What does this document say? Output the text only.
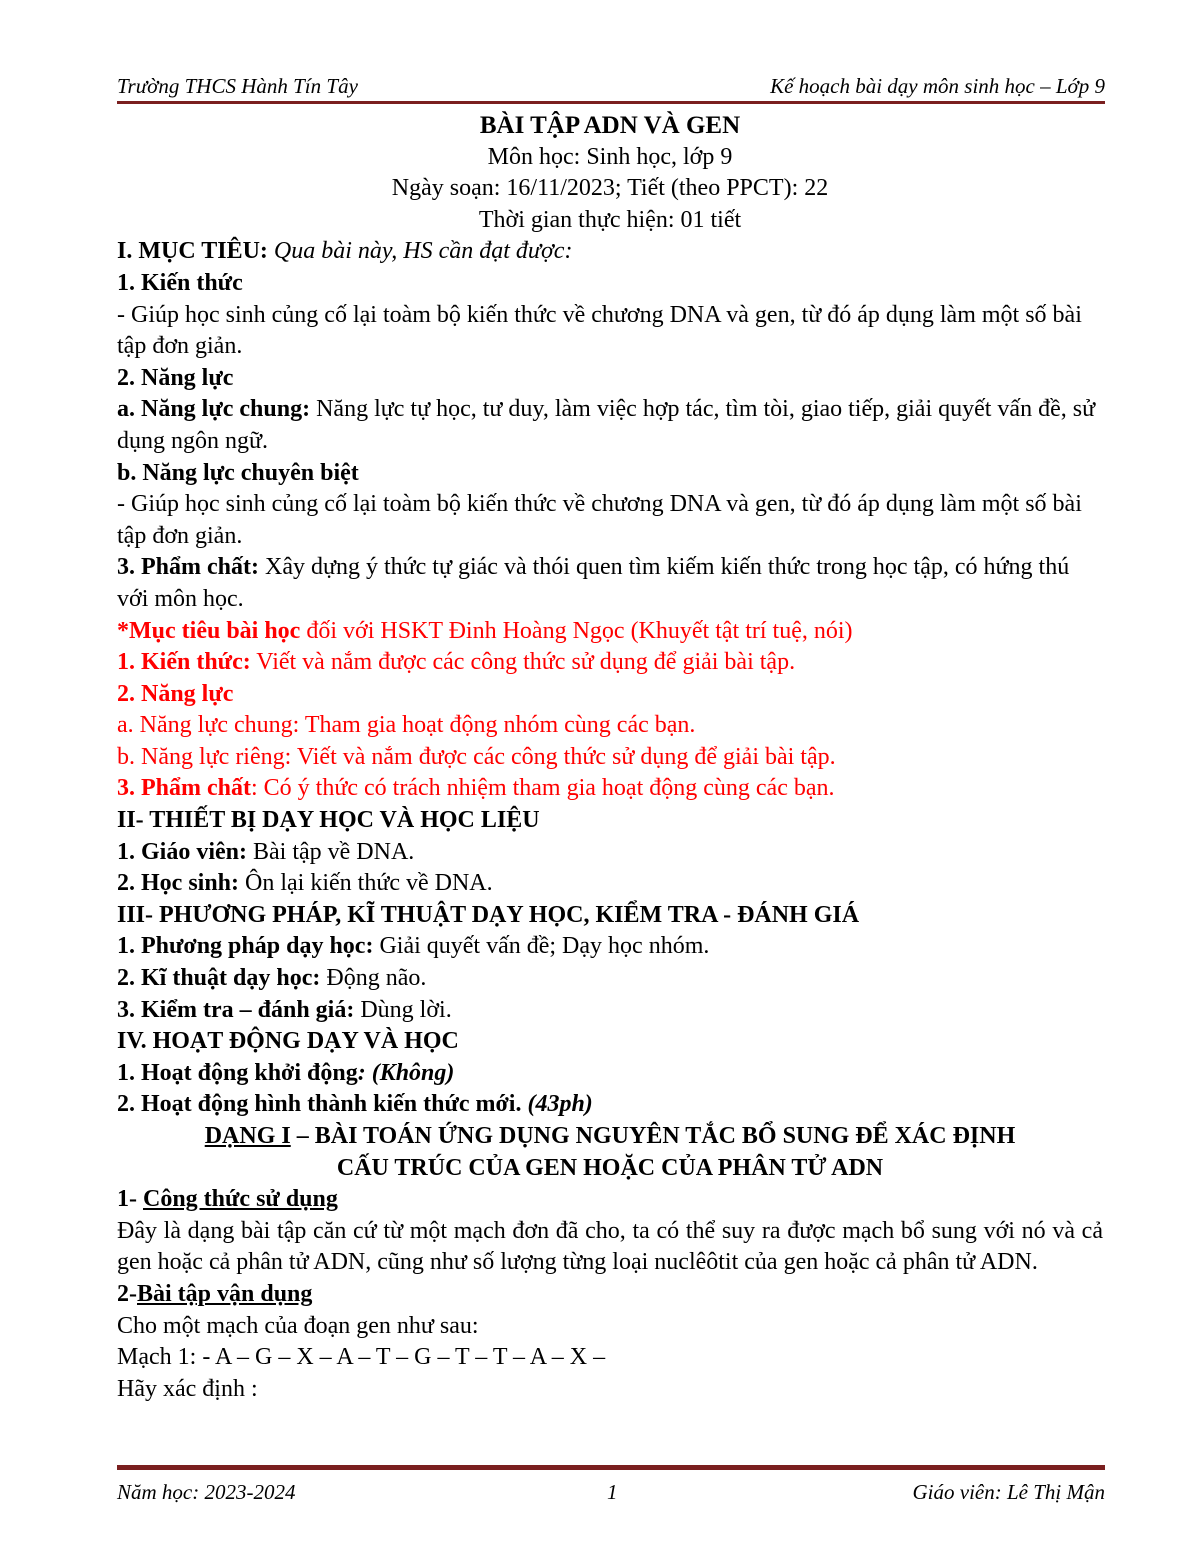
Trường THCS Hành Tín Tây	Kế hoạch bài dạy môn sinh học – Lớp 9

BÀI TẬP ADN VÀ GEN

Môn học: Sinh học, lớp 9

Ngày soạn: 16/11/2023; Tiết (theo PPCT): 22

Thời gian thực hiện: 01 tiết

I. MỤC TIÊU: Qua bài này, HS cần đạt được:

1. Kiến thức

- Giúp học sinh củng cố lại toàm bộ kiến thức về chương DNA và gen, từ đó áp dụng làm một số bài tập đơn giản.

2. Năng lực

a. Năng lực chung: Năng lực tự học, tư duy, làm việc hợp tác, tìm tòi, giao tiếp, giải quyết vấn đề, sử dụng ngôn ngữ.

b. Năng lực chuyên biệt

- Giúp học sinh củng cố lại toàm bộ kiến thức về chương DNA và gen, từ đó áp dụng làm một số bài tập đơn giản.

3. Phẩm chất: Xây dựng ý thức tự giác và thói quen tìm kiếm kiến thức trong học tập, có hứng thú với môn học.

*Mục tiêu bài học đối với HSKT Đinh Hoàng Ngọc (Khuyết tật trí tuệ, nói)

1. Kiến thức: Viết và nắm được các công thức sử dụng để giải bài tập.

2. Năng lực

a. Năng lực chung: Tham gia hoạt động nhóm cùng các bạn.

b. Năng lực riêng: Viết và nắm được các công thức sử dụng để giải bài tập.

3. Phẩm chất: Có ý thức có trách nhiệm tham gia hoạt động cùng các bạn.

II- THIẾT BỊ DẠY HỌC VÀ HỌC LIỆU

1. Giáo viên: Bài tập về DNA.

2. Học sinh: Ôn lại kiến thức về DNA.

III- PHƯƠNG PHÁP, KĨ THUẬT DẠY HỌC, KIỂM TRA - ĐÁNH GIÁ

1. Phương pháp dạy học: Giải quyết vấn đề; Dạy học nhóm.

2. Kĩ thuật dạy học: Động não.

3. Kiểm tra – đánh giá: Dùng lời.

IV. HOẠT ĐỘNG DẠY VÀ HỌC

1. Hoạt động khởi động: (Không)

2. Hoạt động hình thành kiến thức mới. (43ph)

DẠNG I – BÀI TOÁN ỨNG DỤNG NGUYÊN TẮC BỔ SUNG ĐỂ XÁC ĐỊNH

CẤU TRÚC CỦA GEN HOẶC CỦA PHÂN TỬ ADN

1- Công thức sử dụng

Đây là dạng bài tập căn cứ từ một mạch đơn đã cho, ta có thể suy ra được mạch bổ sung với nó và cả gen hoặc cả phân tử ADN, cũng như số lượng từng loại nuclêôtit của gen hoặc cả phân tử ADN.

2-Bài tập vận dụng

Cho một mạch của đoạn gen như sau:

Mạch 1: - A – G – X – A – T – G – T – T – A – X –

Hãy xác định :

Năm học: 2023-2024	1	Giáo viên: Lê Thị Mận
